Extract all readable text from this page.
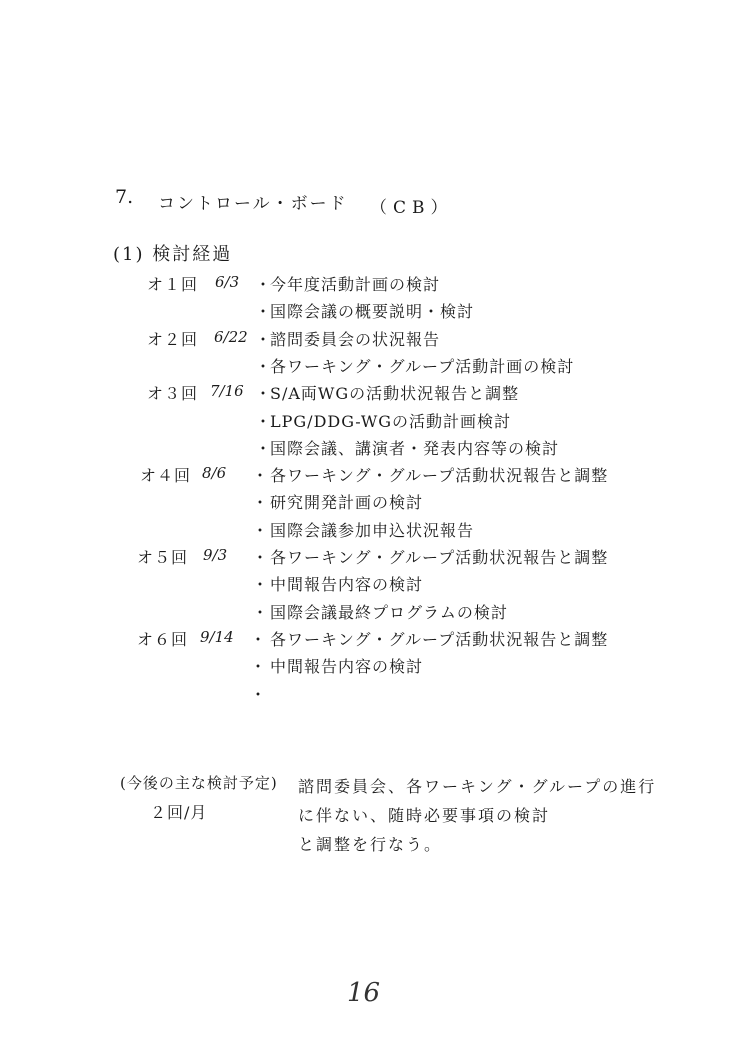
7. コントロール・ボード （CB）
(1) 検討経過
オ１回 6/3 ・
今年度活動計画の検討
・
国際会議の概要説明・検討
オ２回 6/22 ・
諮問委員会の状況報告
・
各ワーキング・グループ活動計画の検討
オ３回 7/16 ・
S/A両WGの活動状況報告と調整
・
LPG/DDG-WGの活動計画検討
・
国際会議、講演者・発表内容等の検討
オ４回 8/6 ・ 各ワーキング・グループ活動状況報告と調整
・ 研究開発計画の検討
・ 国際会議参加申込状況報告
オ５回 9/3 ・ 各ワーキング・グループ活動状況報告と調整
・ 中間報告内容の検討
・ 国際会議最終プログラムの検討
オ６回 9/14 ・ 各ワーキング・グループ活動状況報告と調整
・ 中間報告内容の検討
・
(今後の主な検討予定)
２回/月
諮問委員会、各ワーキング・グループの進行
に伴ない、随時必要事項の検討
と調整を行なう。
16
